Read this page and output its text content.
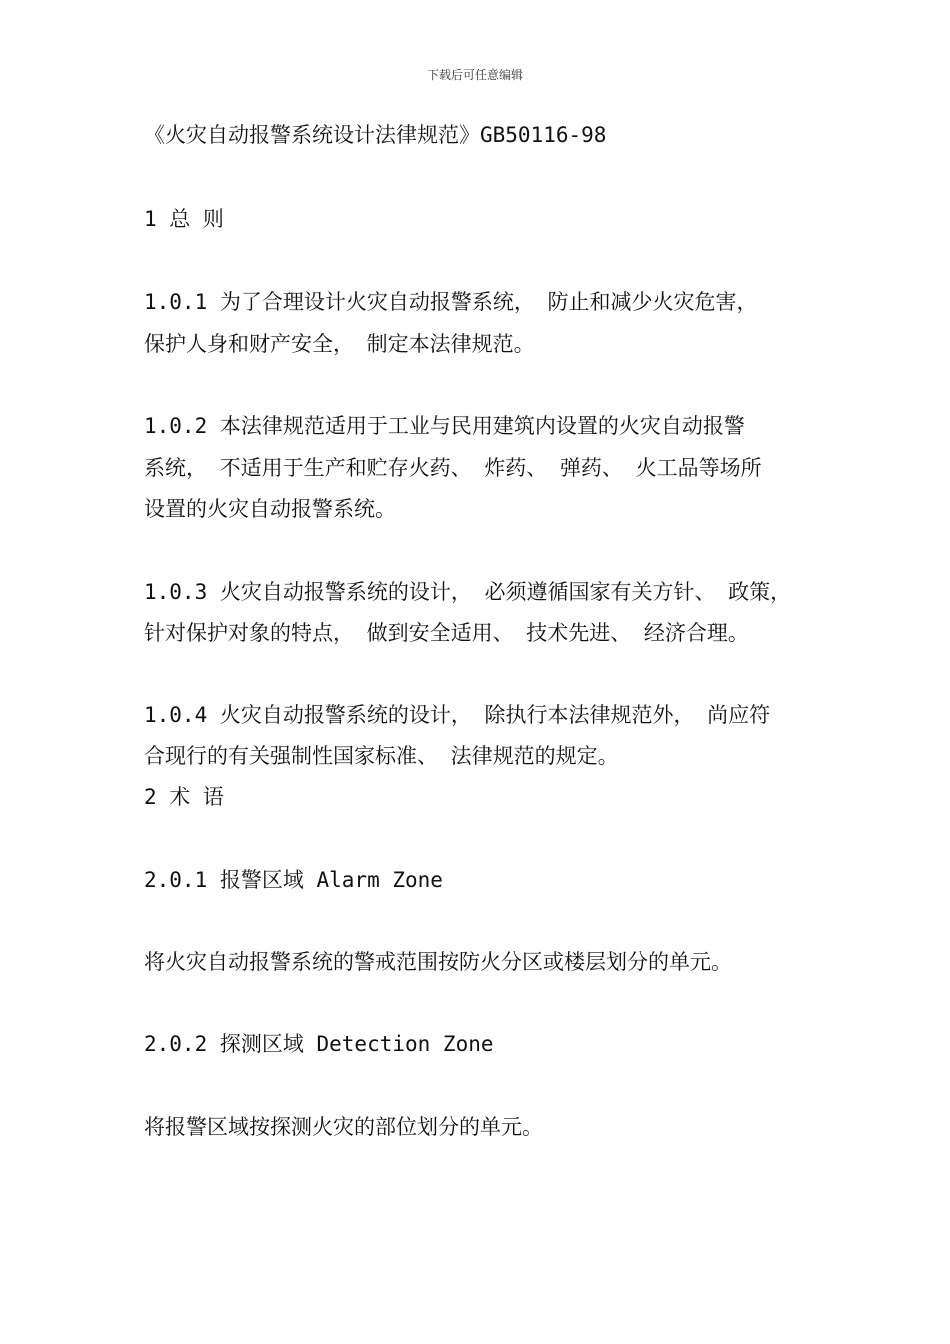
下载后可任意编辑
《火灾自动报警系统设计法律规范》GB50116-98
1 总 则
1.0.1 为了合理设计火灾自动报警系统， 防止和减少火灾危害，
保护人身和财产安全， 制定本法律规范。
1.0.2 本法律规范适用于工业与民用建筑内设置的火灾自动报警
系统， 不适用于生产和贮存火药、 炸药、 弹药、 火工品等场所
设置的火灾自动报警系统。
1.0.3 火灾自动报警系统的设计， 必须遵循国家有关方针、 政策，
针对保护对象的特点， 做到安全适用、 技术先进、 经济合理。
1.0.4 火灾自动报警系统的设计， 除执行本法律规范外， 尚应符
合现行的有关强制性国家标准、 法律规范的规定。
2 术 语
2.0.1 报警区域 Alarm Zone
将火灾自动报警系统的警戒范围按防火分区或楼层划分的单元。
2.0.2 探测区域 Detection Zone
将报警区域按探测火灾的部位划分的单元。
